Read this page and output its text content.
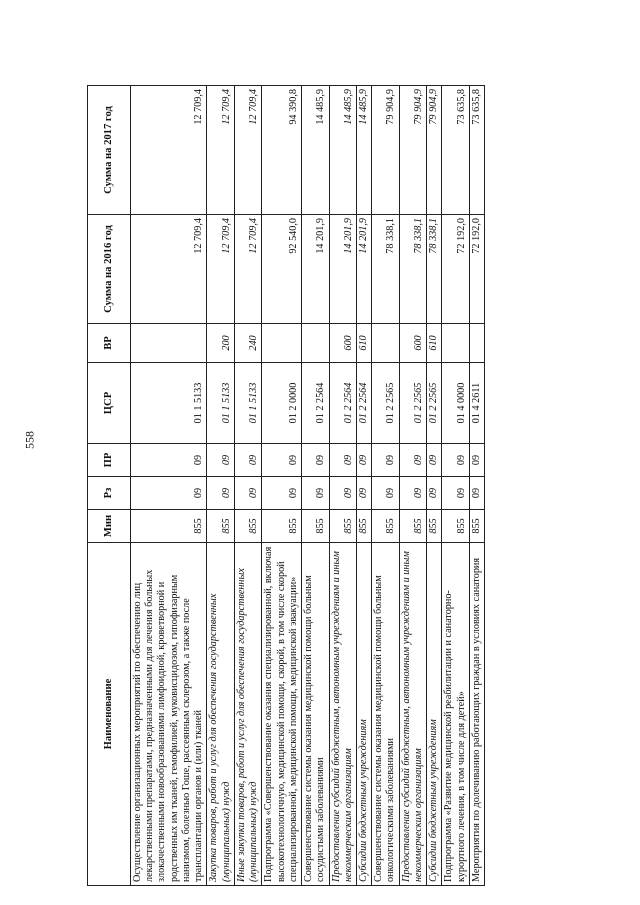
558
Наименование	Мин	Рз	ПР	ЦСР	ВР	Сумма на 2016 год	Сумма на 2017 год
Осуществление организационных мероприятий по обеспечению лиц лекарственными препаратами, предназначенными для лечения больных злокачественными новообразованиями лимфоидной, кроветворной и родственных им тканей, гемофилией, муковисцидозом, гипофизарным нанизмом, болезнью Гоше, рассеянным склерозом, а также после трансплантации органов и (или) тканей	855	09	09	01 1 5133		12 709,4	12 709,4
Закупка товаров, работ и услуг для обеспечения государственных (муниципальных) нужд	855	09	09	01 1 5133	200	12 709,4	12 709,4
Иные закупки товаров, работ и услуг для обеспечения государственных (муниципальных) нужд	855	09	09	01 1 5133	240	12 709,4	12 709,4
Подпрограмма «Совершенствование оказания специализированной, включая высокотехнологичную, медицинской помощи, скорой, в том числе скорой специализированной, медицинской помощи, медицинской эвакуации»	855	09	09	01 2 0000		92 540,0	94 390,8
Совершенствование системы оказания медицинской помощи больным сосудистыми заболеваниями	855	09	09	01 2 2564		14 201,9	14 485,9
Предоставление субсидий бюджетным, автономным учреждениям и иным некоммерческим организациям	855	09	09	01 2 2564	600	14 201,9	14 485,9
Субсидии бюджетным учреждениям	855	09	09	01 2 2564	610	14 201,9	14 485,9
Совершенствование системы оказания медицинской помощи больным онкологическими заболеваниями	855	09	09	01 2 2565		78 338,1	79 904,9
Предоставление субсидий бюджетным, автономным учреждениям и иным некоммерческим организациям	855	09	09	01 2 2565	600	78 338,1	79 904,9
Субсидии бюджетным учреждениям	855	09	09	01 2 2565	610	78 338,1	79 904,9
Подпрограмма «Развитие медицинской реабилитации и санаторно-курортного лечения, в том числе для детей»	855	09	09	01 4 0000		72 192,0	73 635,8
Мероприятия по долечиванию работающих граждан в условиях санатория	855	09	09	01 4 2611		72 192,0	73 635,8
